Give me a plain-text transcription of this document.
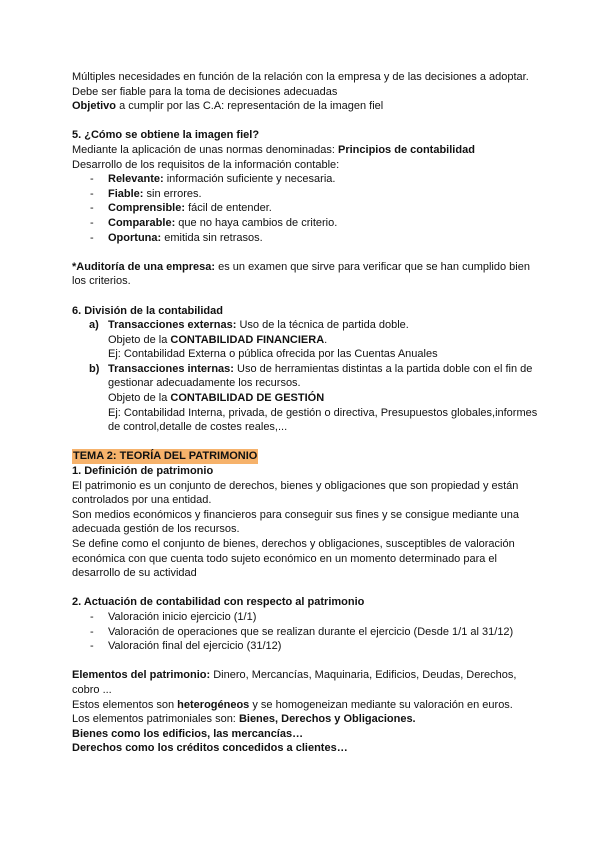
Múltiples necesidades en función de la relación con la empresa y de las decisiones a adoptar.

Debe ser fiable para la toma de decisiones adecuadas

Objetivo a cumplir por las C.A: representación de la imagen fiel

5. ¿Cómo se obtiene la imagen fiel?

Mediante la aplicación de unas normas denominadas: Principios de contabilidad

Desarrollo de los requisitos de la información contable:

- Relevante: información suficiente y necesaria.
- Fiable: sin errores.
- Comprensible: fácil de entender.
- Comparable: que no haya cambios de criterio.
- Oportuna: emitida sin retrasos.

*Auditoría de una empresa: es un examen que sirve para verificar que se han cumplido bien los criterios.

6. División de la contabilidad

a) Transacciones externas: Uso de la técnica de partida doble.
Objeto de la CONTABILIDAD FINANCIERA.
Ej: Contabilidad Externa o pública ofrecida por las Cuentas Anuales
b) Transacciones internas: Uso de herramientas distintas a la partida doble con el fin de gestionar adecuadamente los recursos.
Objeto de la CONTABILIDAD DE GESTIÓN
Ej: Contabilidad Interna, privada, de gestión o directiva, Presupuestos globales,informes de control,detalle de costes reales,...

TEMA 2: TEORÍA DEL PATRIMONIO

1. Definición de patrimonio

El patrimonio es un conjunto de derechos, bienes y obligaciones que son propiedad y están controlados por una entidad.

Son medios económicos y financieros para conseguir sus fines y se consigue mediante una adecuada gestión de los recursos.

Se define como el conjunto de bienes, derechos y obligaciones, susceptibles de valoración económica con que cuenta todo sujeto económico en un momento determinado para el desarrollo de su actividad

2. Actuación de contabilidad con respecto al patrimonio

- Valoración inicio ejercicio (1/1)
- Valoración de operaciones que se realizan durante el ejercicio (Desde 1/1 al 31/12)
- Valoración final del ejercicio (31/12)

Elementos del patrimonio: Dinero, Mercancías, Maquinaria, Edificios, Deudas, Derechos, cobro ...

Estos elementos son heterogéneos y se homogeneizan mediante su valoración en euros.

Los elementos patrimoniales son: Bienes, Derechos y Obligaciones.

Bienes como los edificios, las mercancías…

Derechos como los créditos concedidos a clientes…
